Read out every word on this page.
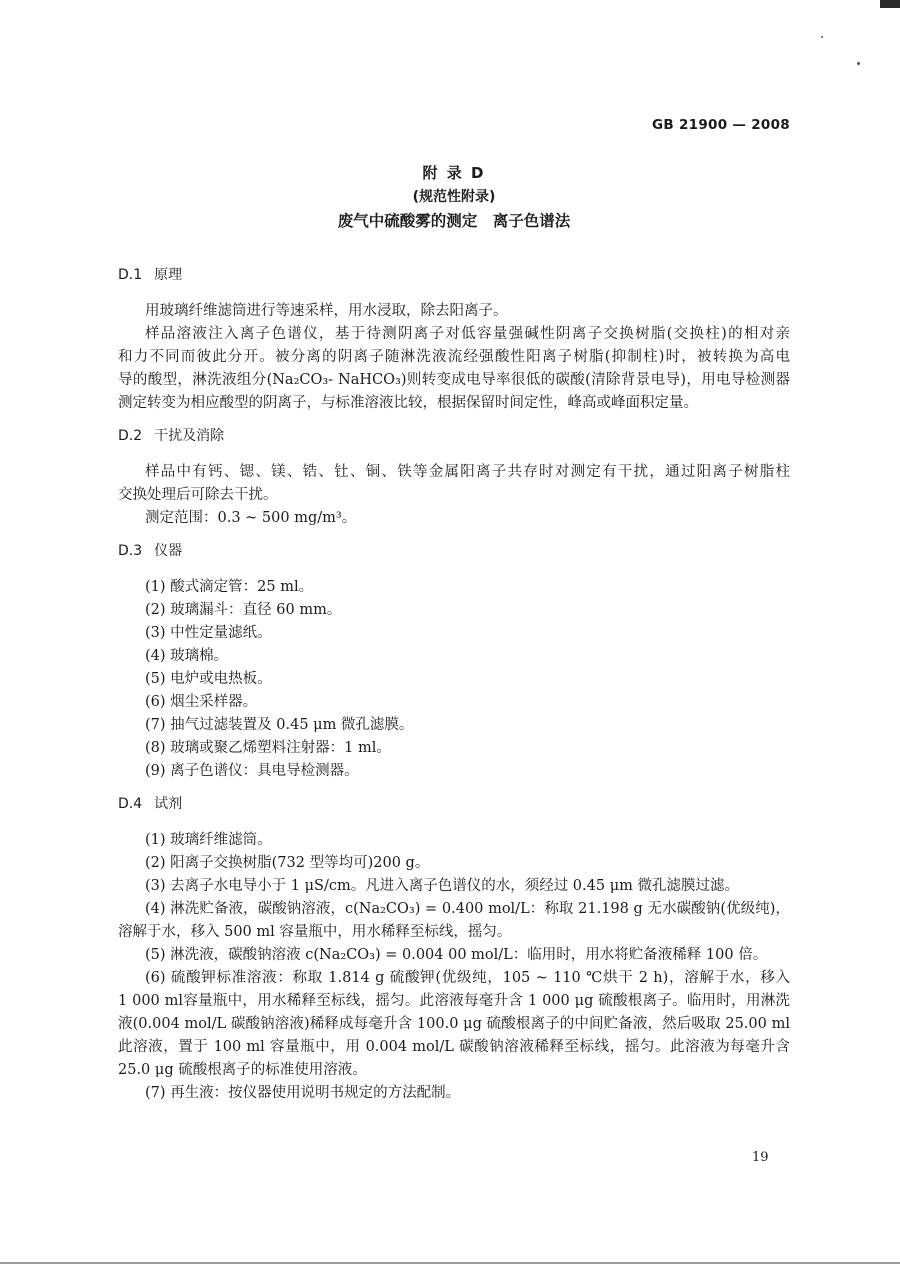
GB 21900 — 2008
附 录 D
(规范性附录)
废气中硫酸雾的测定　离子色谱法
D.1 原理
用玻璃纤维滤筒进行等速采样，用水浸取，除去阳离子。
样品溶液注入离子色谱仪，基于待测阴离子对低容量强碱性阴离子交换树脂(交换柱)的相对亲
和力不同而彼此分开。被分离的阴离子随淋洗液流经强酸性阳离子树脂(抑制柱)时，被转换为高电
导的酸型，淋洗液组分(Na₂CO₃- NaHCO₃)则转变成电导率很低的碳酸(清除背景电导)，用电导检测器
测定转变为相应酸型的阴离子，与标准溶液比较，根据保留时间定性，峰高或峰面积定量。
D.2 干扰及消除
样品中有钙、锶、镁、锆、钍、铜、铁等金属阳离子共存时对测定有干扰，通过阳离子树脂柱
交换处理后可除去干扰。
测定范围：0.3 ~ 500 mg/m³。
D.3 仪器
(1) 酸式滴定管：25 ml。
(2) 玻璃漏斗：直径 60 mm。
(3) 中性定量滤纸。
(4) 玻璃棉。
(5) 电炉或电热板。
(6) 烟尘采样器。
(7) 抽气过滤装置及 0.45 μm 微孔滤膜。
(8) 玻璃或聚乙烯塑料注射器：1 ml。
(9) 离子色谱仪：具电导检测器。
D.4 试剂
(1) 玻璃纤维滤筒。
(2) 阳离子交换树脂(732 型等均可)200 g。
(3) 去离子水电导小于 1 μS/cm。凡进入离子色谱仪的水，须经过 0.45 μm 微孔滤膜过滤。
(4) 淋洗贮备液，碳酸钠溶液，c(Na₂CO₃) = 0.400 mol/L：称取 21.198 g 无水碳酸钠(优级纯)，
溶解于水，移入 500 ml 容量瓶中，用水稀释至标线，摇匀。
(5) 淋洗液，碳酸钠溶液 c(Na₂CO₃) = 0.004 00 mol/L：临用时，用水将贮备液稀释 100 倍。
(6) 硫酸钾标准溶液：称取 1.814 g 硫酸钾(优级纯，105 ~ 110 ℃烘干 2 h)，溶解于水，移入
1 000 ml容量瓶中，用水稀释至标线，摇匀。此溶液每毫升含 1 000 μg 硫酸根离子。临用时，用淋洗
液(0.004 mol/L 碳酸钠溶液)稀释成每毫升含 100.0 μg 硫酸根离子的中间贮备液，然后吸取 25.00 ml
此溶液，置于 100 ml 容量瓶中，用 0.004 mol/L 碳酸钠溶液稀释至标线，摇匀。此溶液为每毫升含
25.0 μg 硫酸根离子的标准使用溶液。
(7) 再生液：按仪器使用说明书规定的方法配制。
19
